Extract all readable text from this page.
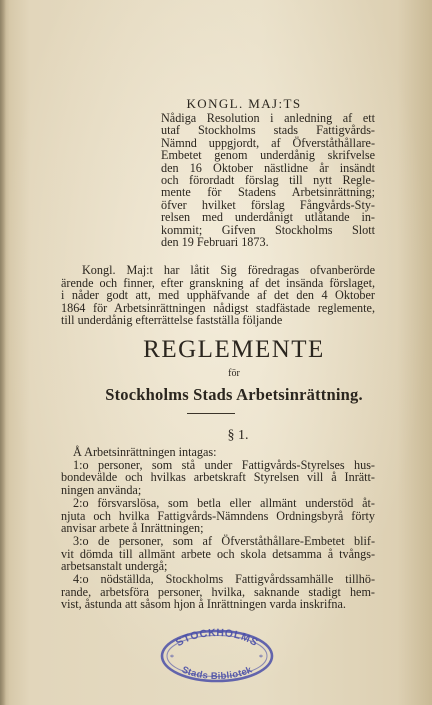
KONGL. MAJ:TS
Nådiga Resolution i anledning af ett
utaf Stockholms stads Fattigvårds-
Nämnd uppgjordt, af Öfverståthållare-
Embetet genom underdånig skrifvelse
den 16 Oktober nästlidne år insändt
och förordadt förslag till nytt Regle-
mente för Stadens Arbetsinrättning;
öfver hvilket förslag Fångvårds-Sty-
relsen med underdånigt utlåtande in-
kommit; Gifven Stockholms Slott
den 19 Februari 1873.
Kongl. Maj:t har låtit Sig föredragas ofvanberörde
ärende och finner, efter granskning af det insända förslaget,
i nåder godt att, med upphäfvande af det den 4 Oktober
1864 för Arbetsinrättningen nådigst stadfästade reglemente,
till underdånig efterrättelse fastställa följande
REGLEMENTE
för
Stockholms Stads Arbetsinrättning.
§ 1.
Å Arbetsinrättningen intagas:
1:o personer, som stå under Fattigvårds-Styrelses hus-
bondevälde och hvilkas arbetskraft Styrelsen vill å Inrätt-
ningen använda;
2:o försvarslösa, som betla eller allmänt understöd åt-
njuta och hvilka Fattigvårds-Nämndens Ordningsbyrå förty
anvisar arbete å Inrättningen;
3:o de personer, som af Öfverståthållare-Embetet blif-
vit dömda till allmänt arbete och skola detsamma å tvångs-
arbetsanstalt undergå;
4:o nödställda, Stockholms Fattigvårdssamhälle tillhö-
rande, arbetsföra personer, hvilka, saknande stadigt hem-
vist, åstunda att såsom hjon å Inrättningen varda inskrifna.
STOCKHOLMS
Stads Bibliotek
*	*
